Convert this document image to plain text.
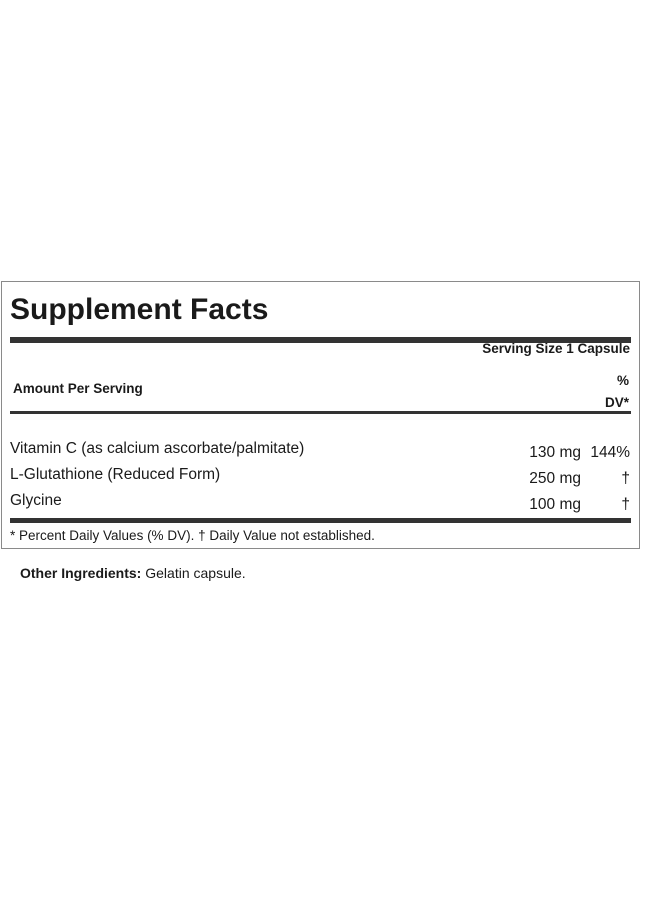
Supplement Facts
Serving Size 1 Capsule
Amount Per Serving
%
DV*
Vitamin C (as calcium ascorbate/palmitate)	130 mg 144%
L-Glutathione (Reduced Form)	250 mg	†
Glycine	100 mg	†
* Percent Daily Values (% DV). † Daily Value not established.
Other Ingredients: Gelatin capsule.
